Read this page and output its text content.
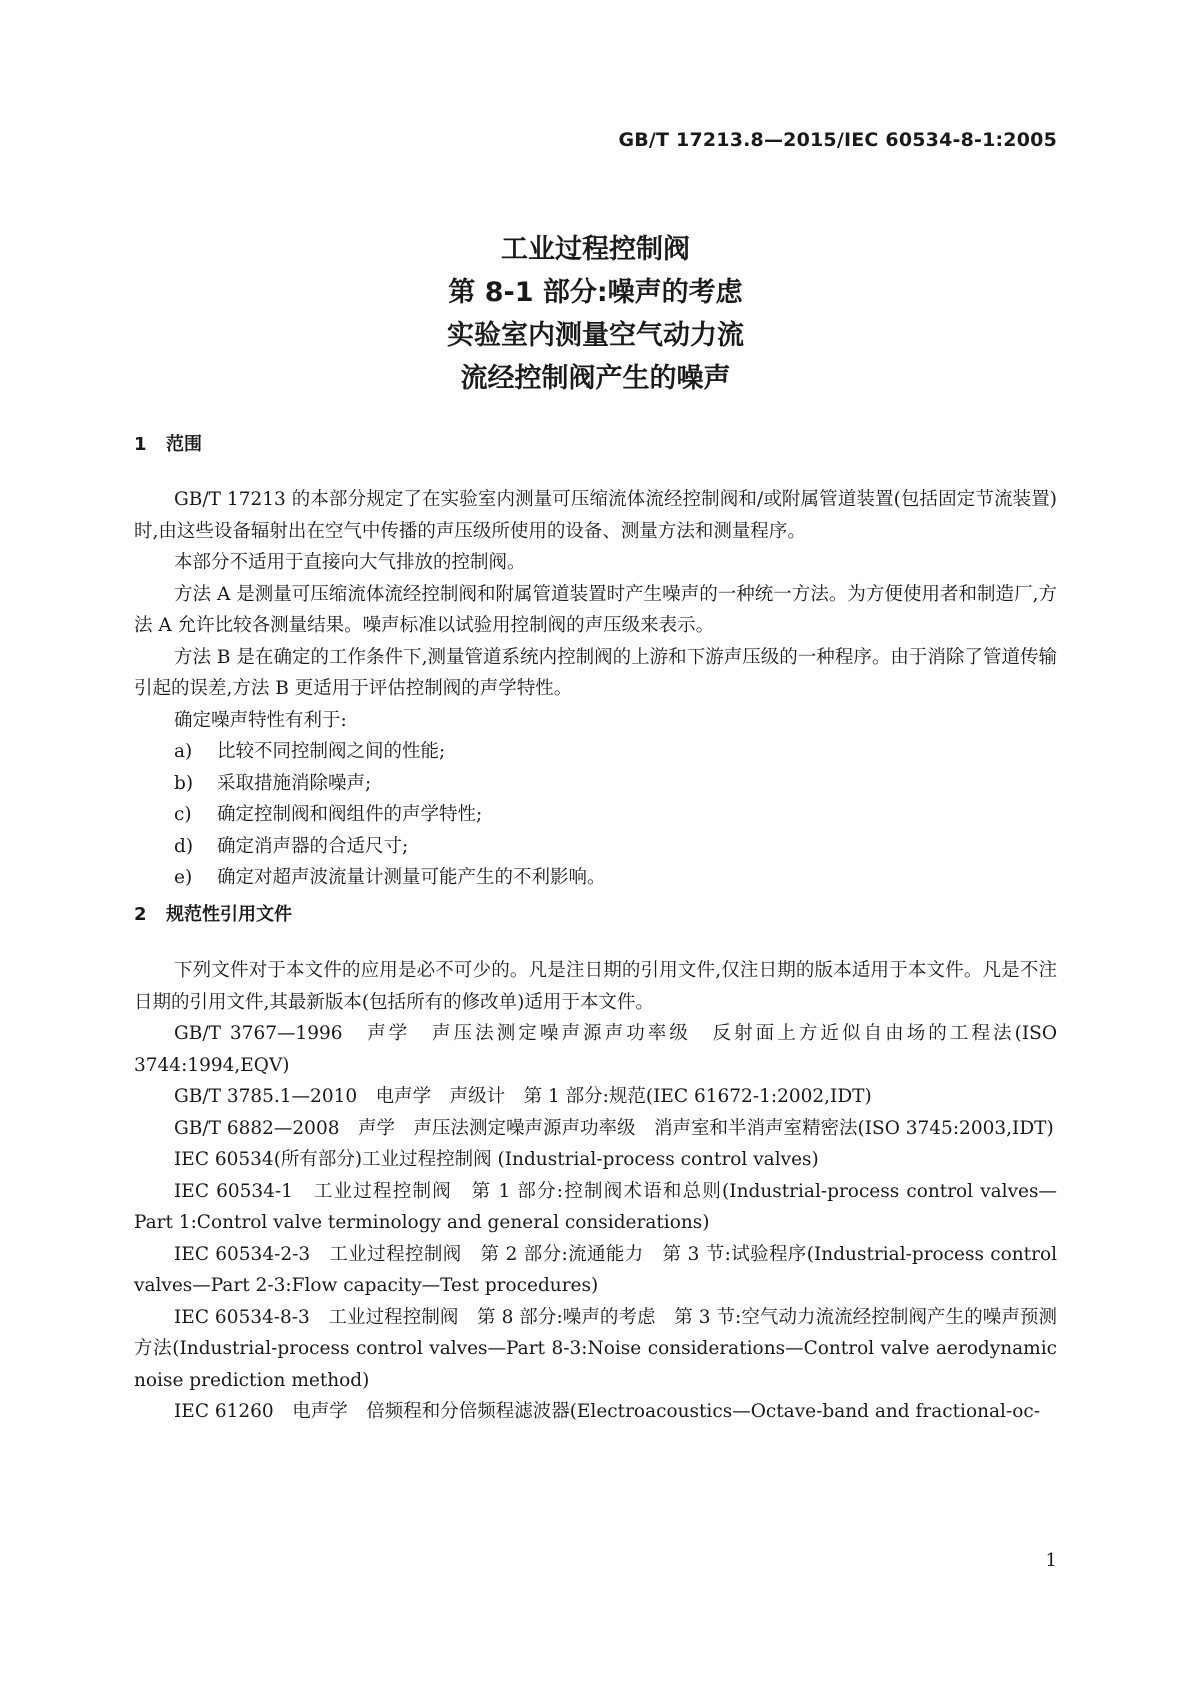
GB/T 17213.8—2015/IEC 60534-8-1:2005
工业过程控制阀
第 8-1 部分:噪声的考虑
实验室内测量空气动力流
流经控制阀产生的噪声
1 范围

GB/T 17213 的本部分规定了在实验室内测量可压缩流体流经控制阀和/或附属管道装置(包括固定节流装置)时,由这些设备辐射出在空气中传播的声压级所使用的设备、测量方法和测量程序。

本部分不适用于直接向大气排放的控制阀。

方法 A 是测量可压缩流体流经控制阀和附属管道装置时产生噪声的一种统一方法。为方便使用者和制造厂,方法 A 允许比较各测量结果。噪声标准以试验用控制阀的声压级来表示。

方法 B 是在确定的工作条件下,测量管道系统内控制阀的上游和下游声压级的一种程序。由于消除了管道传输引起的误差,方法 B 更适用于评估控制阀的声学特性。

确定噪声特性有利于:

a) 比较不同控制阀之间的性能;
b) 采取措施消除噪声;
c) 确定控制阀和阀组件的声学特性;
d) 确定消声器的合适尺寸;
e) 确定对超声波流量计测量可能产生的不利影响。
2 规范性引用文件

下列文件对于本文件的应用是必不可少的。凡是注日期的引用文件,仅注日期的版本适用于本文件。凡是不注日期的引用文件,其最新版本(包括所有的修改单)适用于本文件。

GB/T 3767—1996　声学　声压法测定噪声源声功率级　反射面上方近似自由场的工程法(ISO 3744:1994,EQV)

GB/T 3785.1—2010　电声学　声级计　第 1 部分:规范(IEC 61672-1:2002,IDT)

GB/T 6882—2008　声学　声压法测定噪声源声功率级　消声室和半消声室精密法(ISO 3745:2003,IDT)

IEC 60534(所有部分)工业过程控制阀 (Industrial-process control valves)

IEC 60534-1　工业过程控制阀　第 1 部分:控制阀术语和总则(Industrial-process control valves—Part 1:Control valve terminology and general considerations)

IEC 60534-2-3　工业过程控制阀　第 2 部分:流通能力　第 3 节:试验程序(Industrial-process control valves—Part 2-3:Flow capacity—Test procedures)

IEC 60534-8-3　工业过程控制阀　第 8 部分:噪声的考虑　第 3 节:空气动力流流经控制阀产生的噪声预测方法(Industrial-process control valves—Part 8-3:Noise considerations—Control valve aerodynamic noise prediction method)

IEC 61260　电声学　倍频程和分倍频程滤波器(Electroacoustics—Octave-band and fractional-oc-

1
